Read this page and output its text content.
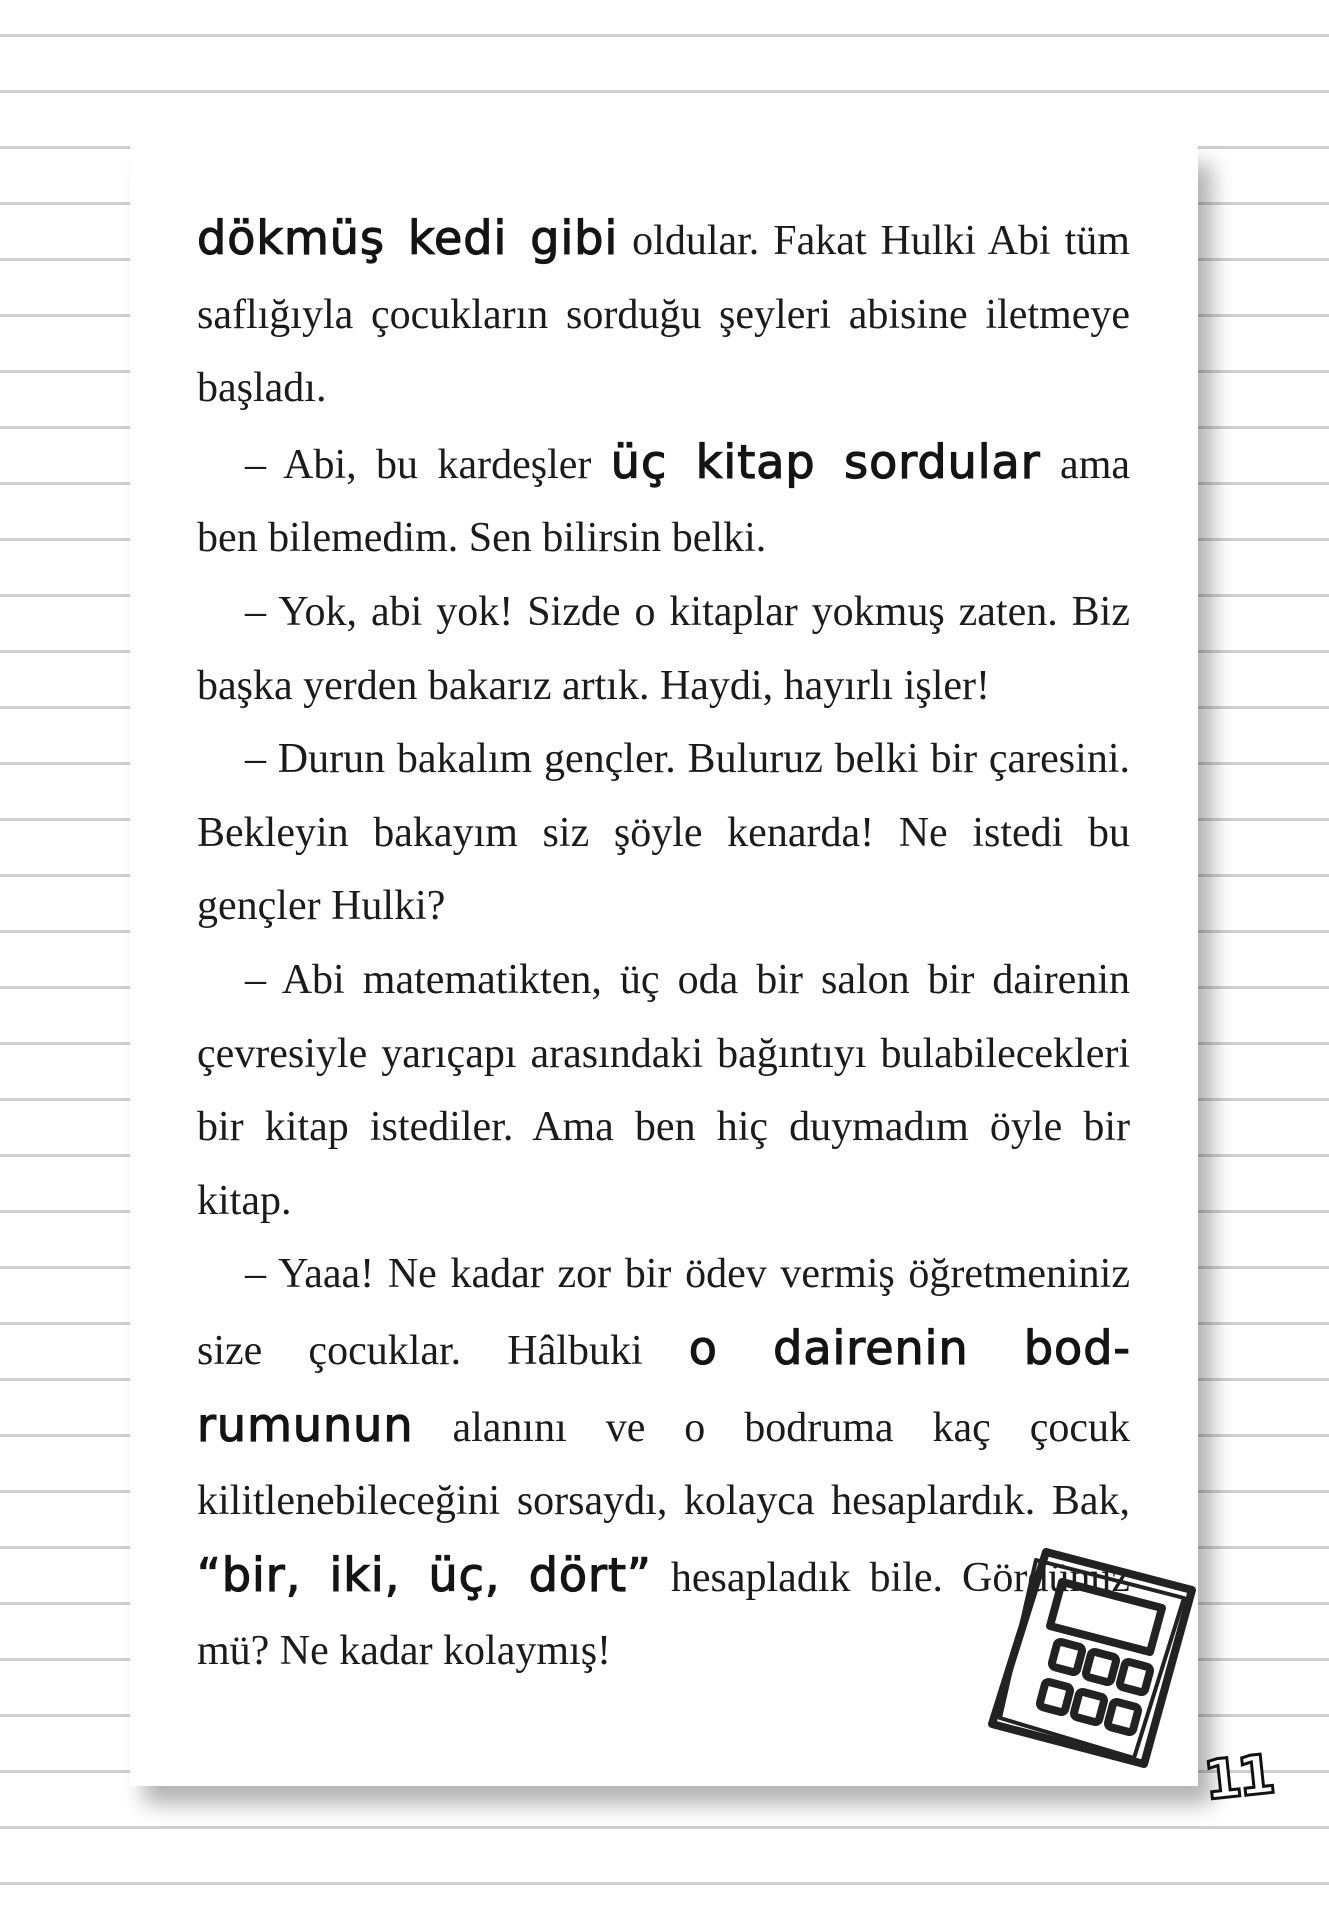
dökmüş kedi gibi oldular. Fakat Hulki Abi tüm saflığıyla çocukların sorduğu şeyleri abisine iletmeye başladı.

– Abi, bu kardeşler üç kitap sordular ama ben bilemedim. Sen bilirsin belki.

– Yok, abi yok! Sizde o kitaplar yokmuş zaten. Biz başka yerden bakarız artık. Haydi, hayırlı işler!

– Durun bakalım gençler. Buluruz belki bir çaresini. Bekleyin bakayım siz şöyle kenarda! Ne istedi bu gençler Hulki?

– Abi matematikten, üç oda bir salon bir dairenin çevresiyle yarıçapı arasındaki bağıntıyı bulabilecekleri bir kitap istediler. Ama ben hiç duymadım öyle bir kitap.

– Yaaa! Ne kadar zor bir ödev vermiş öğretmeniniz size çocuklar. Hâlbuki o dairenin bodrumunun alanını ve o bodruma kaç çocuk kilitlenebileceğini sorsaydı, kolayca hesaplardık. Bak, “bir, iki, üç, dört” hesapladık bile. Gördünüz mü? Ne kadar kolaymış!

11
